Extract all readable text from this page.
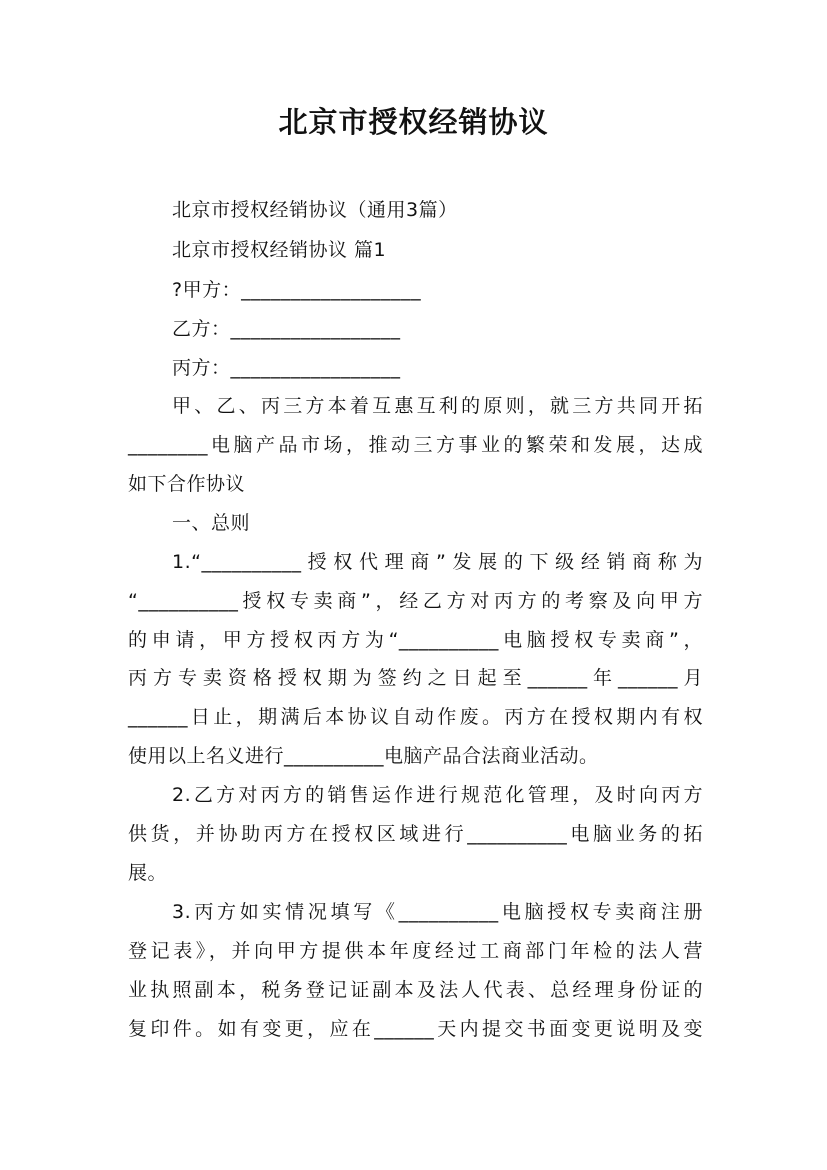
北京市授权经销协议
北京市授权经销协议（通用3篇）
北京市授权经销协议 篇1
?甲方：__________________
乙方：_________________
丙方：_________________
甲、乙、丙三方本着互惠互利的原则，就三方共同开拓
________电脑产品市场，推动三方事业的繁荣和发展，达成
如下合作协议
一、总则
1.“__________授权代理商”发展的下级经销商称为
“__________授权专卖商”，经乙方对丙方的考察及向甲方
的申请，甲方授权丙方为“__________电脑授权专卖商”，
丙方专卖资格授权期为签约之日起至______年______月
______日止，期满后本协议自动作废。丙方在授权期内有权
使用以上名义进行__________电脑产品合法商业活动。
2.乙方对丙方的销售运作进行规范化管理，及时向丙方
供货，并协助丙方在授权区域进行__________电脑业务的拓
展。
3.丙方如实情况填写《__________电脑授权专卖商注册
登记表》，并向甲方提供本年度经过工商部门年检的法人营
业执照副本，税务登记证副本及法人代表、总经理身份证的
复印件。如有变更，应在______天内提交书面变更说明及变
